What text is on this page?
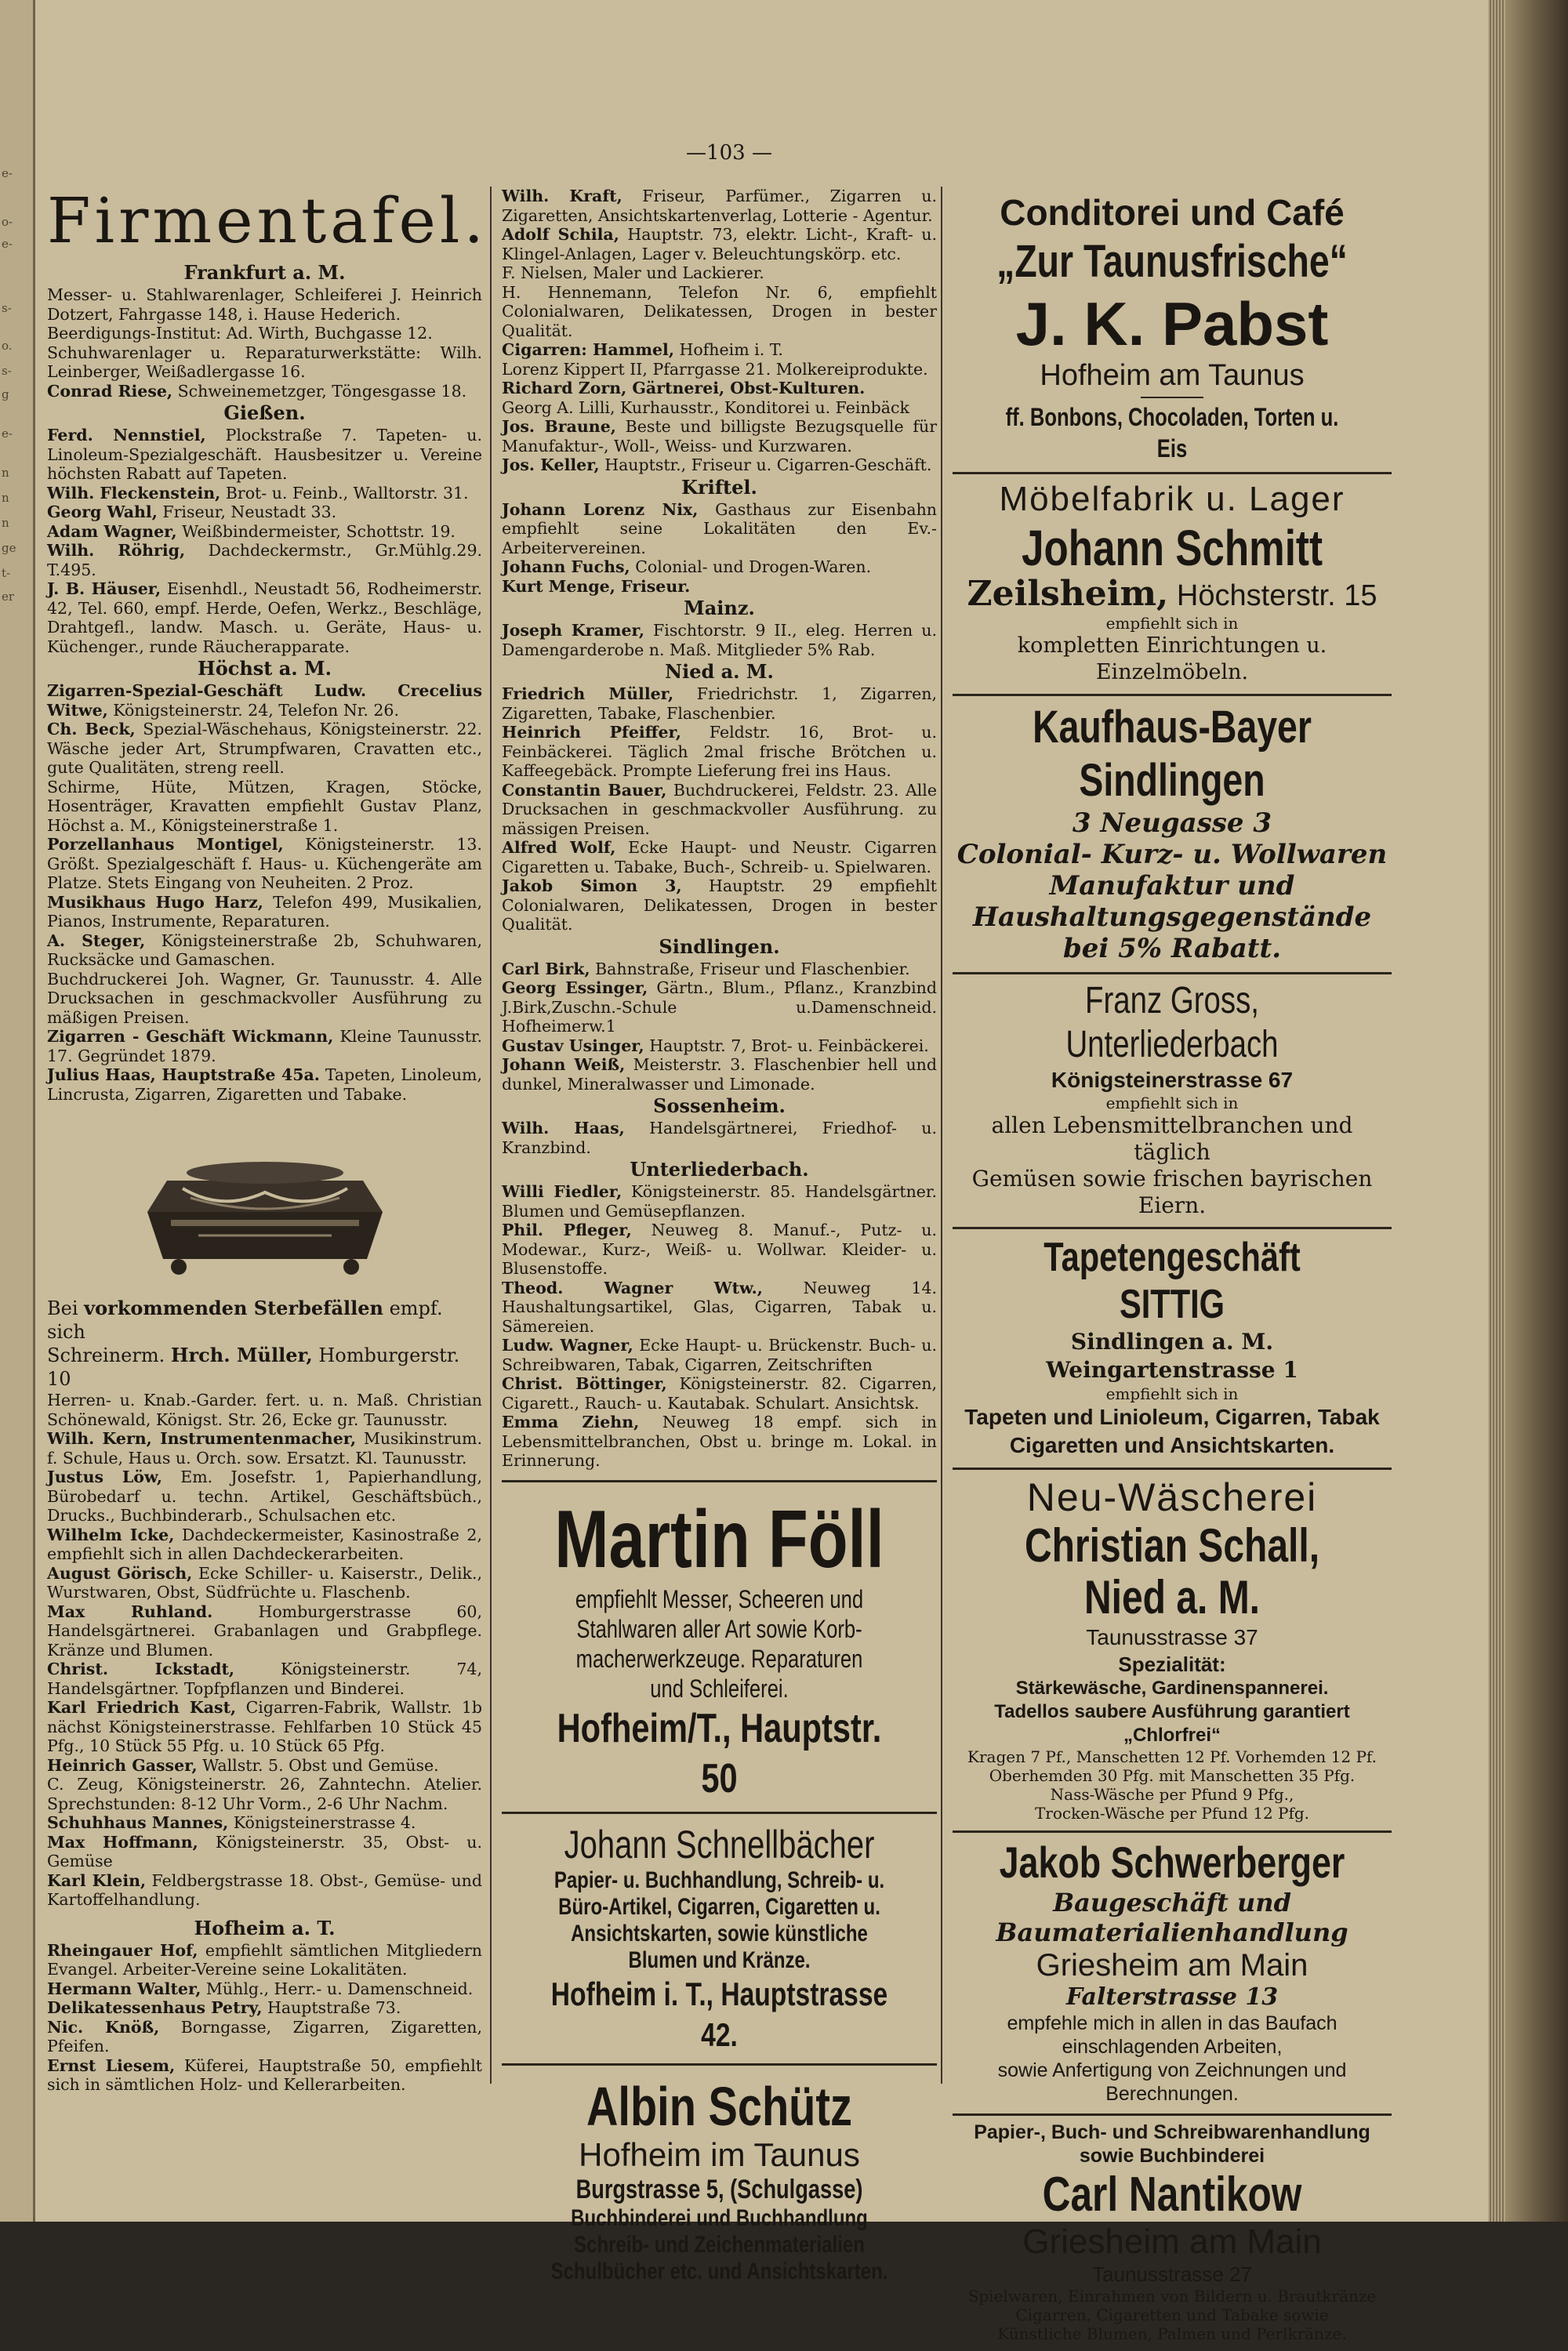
e-
o-
e-
s-
o.
s-
g
e-
n
n
n
ge
t-
er
—103 —
Firmentafel.
Frankfurt a. M.
Messer- u. Stahlwarenlager, Schleiferei J. Heinrich Dotzert, Fahrgasse 148, i. Hause Hederich.
Beerdigungs-Institut: Ad. Wirth, Buchgasse 12.
Schuhwarenlager u. Reparaturwerkstätte: Wilh. Leinberger, Weißadlergasse 16.
Conrad Riese, Schweinemetzger, Töngesgasse 18.
Gießen.
Ferd. Nennstiel, Plockstraße 7. Tapeten- u. Linoleum-Spezialgeschäft. Hausbesitzer u. Vereine höchsten Rabatt auf Tapeten.
Wilh. Fleckenstein, Brot- u. Feinb., Walltorstr. 31.
Georg Wahl, Friseur, Neustadt 33.
Adam Wagner, Weißbindermeister, Schottstr. 19.
Wilh. Röhrig, Dachdeckermstr., Gr.Mühlg.29. T.495.
J. B. Häuser, Eisenhdl., Neustadt 56, Rodheimerstr. 42, Tel. 660, empf. Herde, Oefen, Werkz., Beschläge, Drahtgefl., landw. Masch. u. Geräte, Haus- u. Küchenger., runde Räucherapparate.
Höchst a. M.
Zigarren-Spezial-Geschäft Ludw. Crecelius Witwe, Königsteinerstr. 24, Telefon Nr. 26.
Ch. Beck, Spezial-Wäschehaus, Königsteinerstr. 22. Wäsche jeder Art, Strumpfwaren, Cravatten etc., gute Qualitäten, streng reell.
Schirme, Hüte, Mützen, Kragen, Stöcke, Hosenträger, Kravatten empfiehlt Gustav Planz, Höchst a. M., Königsteinerstraße 1.
Porzellanhaus Montigel, Königsteinerstr. 13. Größt. Spezialgeschäft f. Haus- u. Küchengeräte am Platze. Stets Eingang von Neuheiten. 2 Proz.
Musikhaus Hugo Harz, Telefon 499, Musikalien, Pianos, Instrumente, Reparaturen.
A. Steger, Königsteinerstraße 2b, Schuhwaren, Rucksäcke und Gamaschen.
Buchdruckerei Joh. Wagner, Gr. Taunusstr. 4. Alle Drucksachen in geschmackvoller Ausführung zu mäßigen Preisen.
Zigarren - Geschäft Wickmann, Kleine Taunusstr. 17. Gegründet 1879.
Julius Haas, Hauptstraße 45a. Tapeten, Linoleum, Lincrusta, Zigarren, Zigaretten und Tabake.
Bei vorkommenden Sterbefällen empf. sich
Schreinerm. Hrch. Müller, Homburgerstr. 10
Herren- u. Knab.-Garder. fert. u. n. Maß. Christian Schönewald, Königst. Str. 26, Ecke gr. Taunusstr.
Wilh. Kern, Instrumentenmacher, Musikinstrum. f. Schule, Haus u. Orch. sow. Ersatzt. Kl. Taunusstr.
Justus Löw, Em. Josefstr. 1, Papierhandlung, Bürobedarf u. techn. Artikel, Geschäftsbüch., Drucks., Buchbinderarb., Schulsachen etc.
Wilhelm Icke, Dachdeckermeister, Kasinostraße 2, empfiehlt sich in allen Dachdeckerarbeiten.
August Görisch, Ecke Schiller- u. Kaiserstr., Delik., Wurstwaren, Obst, Südfrüchte u. Flaschenb.
Max Ruhland. Homburgerstrasse 60, Handelsgärtnerei. Grabanlagen und Grabpflege. Kränze und Blumen.
Christ. Ickstadt, Königsteinerstr. 74, Handelsgärtner. Topfpflanzen und Binderei.
Karl Friedrich Kast, Cigarren-Fabrik, Wallstr. 1b nächst Königsteinerstrasse. Fehlfarben 10 Stück 45 Pfg., 10 Stück 55 Pfg. u. 10 Stück 65 Pfg.
Heinrich Gasser, Wallstr. 5. Obst und Gemüse.
C. Zeug, Königsteinerstr. 26, Zahntechn. Atelier. Sprechstunden: 8-12 Uhr Vorm., 2-6 Uhr Nachm.
Schuhhaus Mannes, Königsteinerstrasse 4.
Max Hoffmann, Königsteinerstr. 35, Obst- u. Gemüse
Karl Klein, Feldbergstrasse 18. Obst-, Gemüse- und Kartoffelhandlung.
Hofheim a. T.
Rheingauer Hof, empfiehlt sämtlichen Mitgliedern Evangel. Arbeiter-Vereine seine Lokalitäten.
Hermann Walter, Mühlg., Herr.- u. Damenschneid.
Delikatessenhaus Petry, Hauptstraße 73.
Nic. Knöß, Borngasse, Zigarren, Zigaretten, Pfeifen.
Ernst Liesem, Küferei, Hauptstraße 50, empfiehlt sich in sämtlichen Holz- und Kellerarbeiten.
Wilh. Kraft, Friseur, Parfümer., Zigarren u. Zigaretten, Ansichtskartenverlag, Lotterie - Agentur.
Adolf Schila, Hauptstr. 73, elektr. Licht-, Kraft- u. Klingel-Anlagen, Lager v. Beleuchtungskörp. etc.
F. Nielsen, Maler und Lackierer.
H. Hennemann, Telefon Nr. 6, empfiehlt Colonialwaren, Delikatessen, Drogen in bester Qualität.
Cigarren: Hammel, Hofheim i. T.
Lorenz Kippert II, Pfarrgasse 21. Molkereiprodukte.
Richard Zorn, Gärtnerei, Obst-Kulturen.
Georg A. Lilli, Kurhausstr., Konditorei u. Feinbäck
Jos. Braune, Beste und billigste Bezugsquelle für Manufaktur-, Woll-, Weiss- und Kurzwaren.
Jos. Keller, Hauptstr., Friseur u. Cigarren-Geschäft.
Kriftel.
Johann Lorenz Nix, Gasthaus zur Eisenbahn empfiehlt seine Lokalitäten den Ev.-Arbeitervereinen.
Johann Fuchs, Colonial- und Drogen-Waren.
Kurt Menge, Friseur.
Mainz.
Joseph Kramer, Fischtorstr. 9 II., eleg. Herren u. Damengarderobe n. Maß. Mitglieder 5% Rab.
Nied a. M.
Friedrich Müller, Friedrichstr. 1, Zigarren, Zigaretten, Tabake, Flaschenbier.
Heinrich Pfeiffer, Feldstr. 16, Brot- u. Feinbäckerei. Täglich 2mal frische Brötchen u. Kaffeegebäck. Prompte Lieferung frei ins Haus.
Constantin Bauer, Buchdruckerei, Feldstr. 23. Alle Drucksachen in geschmackvoller Ausführung. zu mässigen Preisen.
Alfred Wolf, Ecke Haupt- und Neustr. Cigarren Cigaretten u. Tabake, Buch-, Schreib- u. Spielwaren.
Jakob Simon 3, Hauptstr. 29 empfiehlt Colonialwaren, Delikatessen, Drogen in bester Qualität.
Sindlingen.
Carl Birk, Bahnstraße, Friseur und Flaschenbier.
Georg Essinger, Gärtn., Blum., Pflanz., Kranzbind J.Birk,Zuschn.-Schule u.Damenschneid. Hofheimerw.1
Gustav Usinger, Hauptstr. 7, Brot- u. Feinbäckerei.
Johann Weiß, Meisterstr. 3. Flaschenbier hell und dunkel, Mineralwasser und Limonade.
Sossenheim.
Wilh. Haas, Handelsgärtnerei, Friedhof- u. Kranzbind.
Unterliederbach.
Willi Fiedler, Königsteinerstr. 85. Handelsgärtner. Blumen und Gemüsepflanzen.
Phil. Pfleger, Neuweg 8. Manuf.-, Putz- u. Modewar., Kurz-, Weiß- u. Wollwar. Kleider- u. Blusenstoffe.
Theod. Wagner Wtw., Neuweg 14. Haushaltungsartikel, Glas, Cigarren, Tabak u. Sämereien.
Ludw. Wagner, Ecke Haupt- u. Brückenstr. Buch- u. Schreibwaren, Tabak, Cigarren, Zeitschriften
Christ. Böttinger, Königsteinerstr. 82. Cigarren, Cigarett., Rauch- u. Kautabak. Schulart. Ansichtsk.
Emma Ziehn, Neuweg 18 empf. sich in Lebensmittelbranchen, Obst u. bringe m. Lokal. in Erinnerung.
Martin Föll
empfiehlt Messer, Scheeren und
Stahlwaren aller Art sowie Korb-
macherwerkzeuge. Reparaturen
und Schleiferei.
Hofheim/T., Hauptstr. 50
Johann Schnellbächer
Papier- u. Buchhandlung, Schreib- u.
Büro-Artikel, Cigarren, Cigaretten u.
Ansichtskarten, sowie künstliche
Blumen und Kränze.
Hofheim i. T., Hauptstrasse 42.
Albin Schütz
Hofheim im Taunus
Burgstrasse 5, (Schulgasse)
Buchbinderei und Buchhandlung
Schreib- und Zeichenmaterialien
Schulbücher etc. und Ansichtskarten.
Conditorei und Café
„Zur Taunusfrische“
J. K. Pabst
Hofheim am Taunus
ff. Bonbons, Chocoladen, Torten u. Eis
Möbelfabrik u. Lager
Johann Schmitt
Zeilsheim, Höchsterstr. 15
empfiehlt sich in
kompletten Einrichtungen u. Einzelmöbeln.
Kaufhaus-Bayer Sindlingen
3 Neugasse 3
Colonial- Kurz- u. Wollwaren
Manufaktur und
Haushaltungsgegenstände
bei 5% Rabatt.
Franz Gross, Unterliederbach
Königsteinerstrasse 67
empfiehlt sich in
allen Lebensmittelbranchen und täglich
Gemüsen sowie frischen bayrischen Eiern.
Tapetengeschäft SITTIG
Sindlingen a. M. Weingartenstrasse 1
empfiehlt sich in
Tapeten und Linioleum, Cigarren, Tabak
Cigaretten und Ansichtskarten.
Neu-Wäscherei
Christian Schall, Nied a. M.
Taunusstrasse 37
Spezialität:
Stärkewäsche, Gardinenspannerei.
Tadellos saubere Ausführung garantiert
„Chlorfrei“
Kragen 7 Pf., Manschetten 12 Pf. Vorhemden 12 Pf.
Oberhemden 30 Pfg. mit Manschetten 35 Pfg.
Nass-Wäsche per Pfund 9 Pfg.,
Trocken-Wäsche per Pfund 12 Pfg.
Jakob Schwerberger
Baugeschäft und
Baumaterialienhandlung
Griesheim am Main
Falterstrasse 13
empfehle mich in allen in das Baufach
einschlagenden Arbeiten,
sowie Anfertigung von Zeichnungen und
Berechnungen.
Papier-, Buch- und Schreibwarenhandlung
sowie Buchbinderei
Carl Nantikow
Griesheim am Main
Taunusstrasse 27
Spielwaren, Einrahmen von Bildern u. Brautkränze
Cigarren, Cigaretten und Tabake sowie
Künstliche Blumen, Palmen und Perlkränze.
